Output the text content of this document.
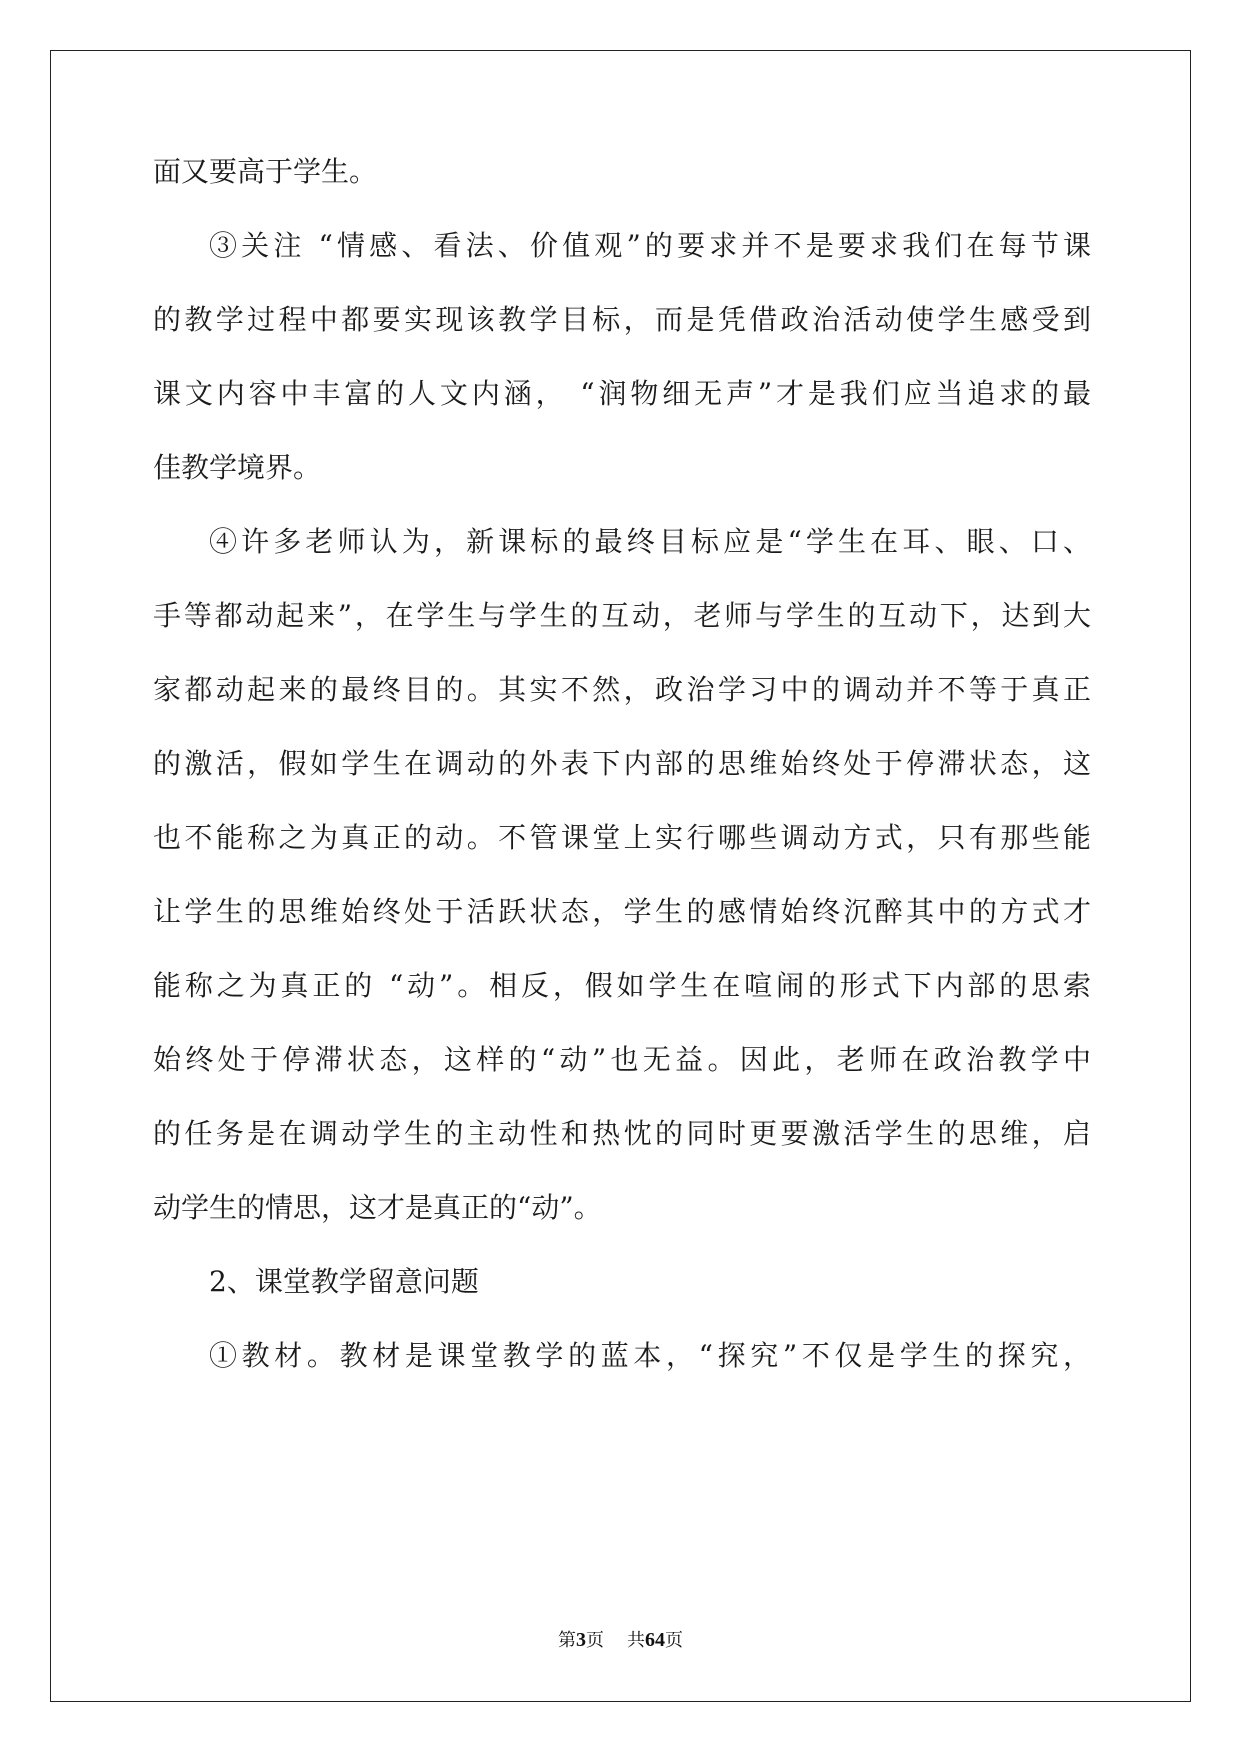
面又要高于学生。
③关注 “情感、看法、价值观”的要求并不是要求我们在每节课
的教学过程中都要实现该教学目标，而是凭借政治活动使学生感受到
课文内容中丰富的人文内涵， “润物细无声”才是我们应当追求的最
佳教学境界。
④许多老师认为，新课标的最终目标应是“学生在耳、眼、口、
手等都动起来”，在学生与学生的互动，老师与学生的互动下，达到大
家都动起来的最终目的。其实不然，政治学习中的调动并不等于真正
的激活，假如学生在调动的外表下内部的思维始终处于停滞状态，这
也不能称之为真正的动。不管课堂上实行哪些调动方式，只有那些能
让学生的思维始终处于活跃状态，学生的感情始终沉醉其中的方式才
能称之为真正的 “动”。相反，假如学生在喧闹的形式下内部的思索
始终处于停滞状态，这样的“动”也无益。因此，老师在政治教学中
的任务是在调动学生的主动性和热忱的同时更要激活学生的思维，启
动学生的情思，这才是真正的“动”。
2、课堂教学留意问题
①教材。教材是课堂教学的蓝本，“探究”不仅是学生的探究，
第3页 共64页
